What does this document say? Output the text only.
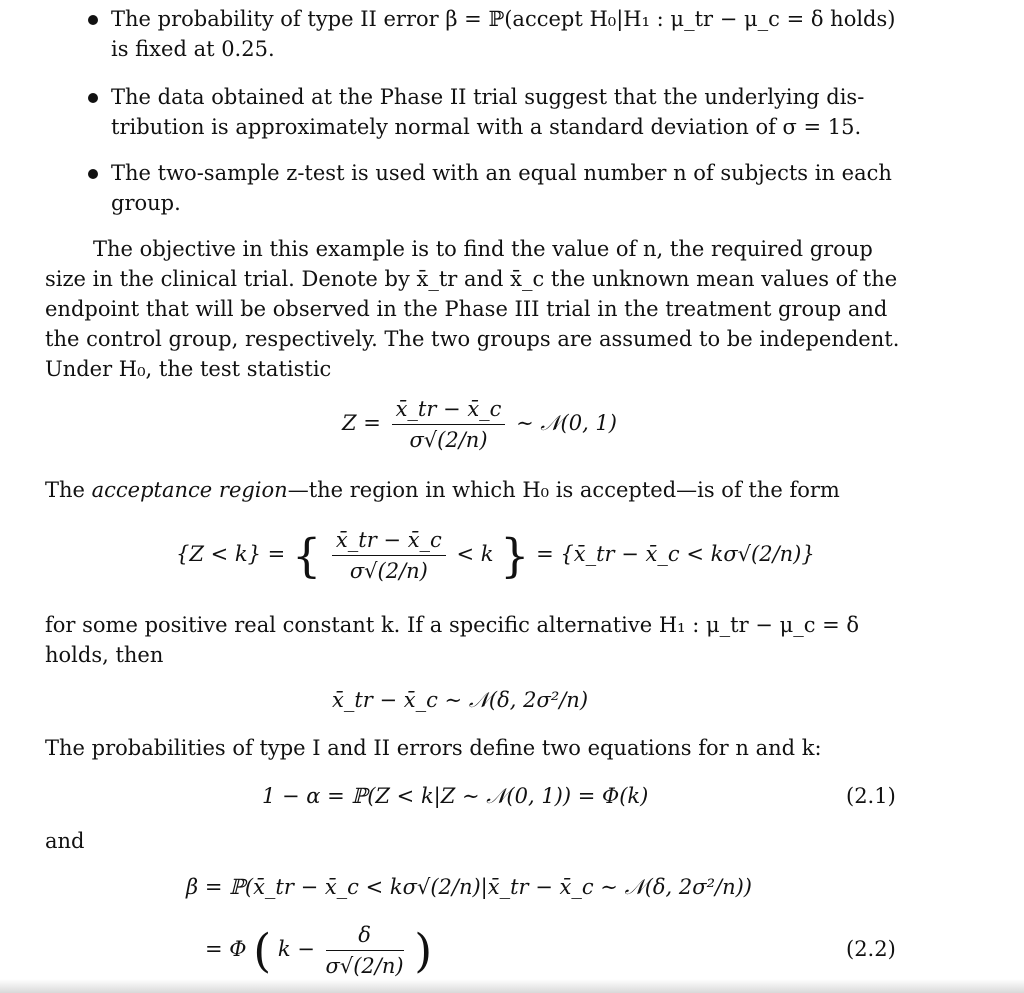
The probability of type II error β = ℙ(accept H₀|H₁ : μ_tr − μ_c = δ holds)
is fixed at 0.25.
The data obtained at the Phase II trial suggest that the underlying dis-
tribution is approximately normal with a standard deviation of σ = 15.
The two-sample z-test is used with an equal number n of subjects in each
group.
The objective in this example is to find the value of n, the required group
size in the clinical trial. Denote by x̄_tr and x̄_c the unknown mean values of the
endpoint that will be observed in the Phase III trial in the treatment group and
the control group, respectively. The two groups are assumed to be independent.
Under H₀, the test statistic
$Z = \frac{x̄\_tr - x̄\_c}{\sigma√(2/n)}$ ∼ 𝒩(0, 1)
The acceptance region—the region in which H₀ is accepted—is of the form
{Z < k} = { $\frac{x̄\_tr - x̄\_c}{\sigma√(2/n)} < k$ } = {x̄_tr − x̄_c < kσ√(2/n)}
for some positive real constant k. If a specific alternative H₁ : μ_tr − μ_c = δ
holds, then
x̄_tr − x̄_c ∼ 𝒩(δ, 2σ²/n)
The probabilities of type I and II errors define two equations for n and k:
1 − α = ℙ(Z < k|Z ∼ 𝒩(0, 1)) = Φ(k)	(2.1)
and
β = ℙ(x̄_tr − x̄_c < kσ√(2/n)|x̄_tr − x̄_c ∼ 𝒩(δ, 2σ²/n))
= Φ ( $k - \frac{\delta}{\sigma√(2/n)}$ )	(2.2)
